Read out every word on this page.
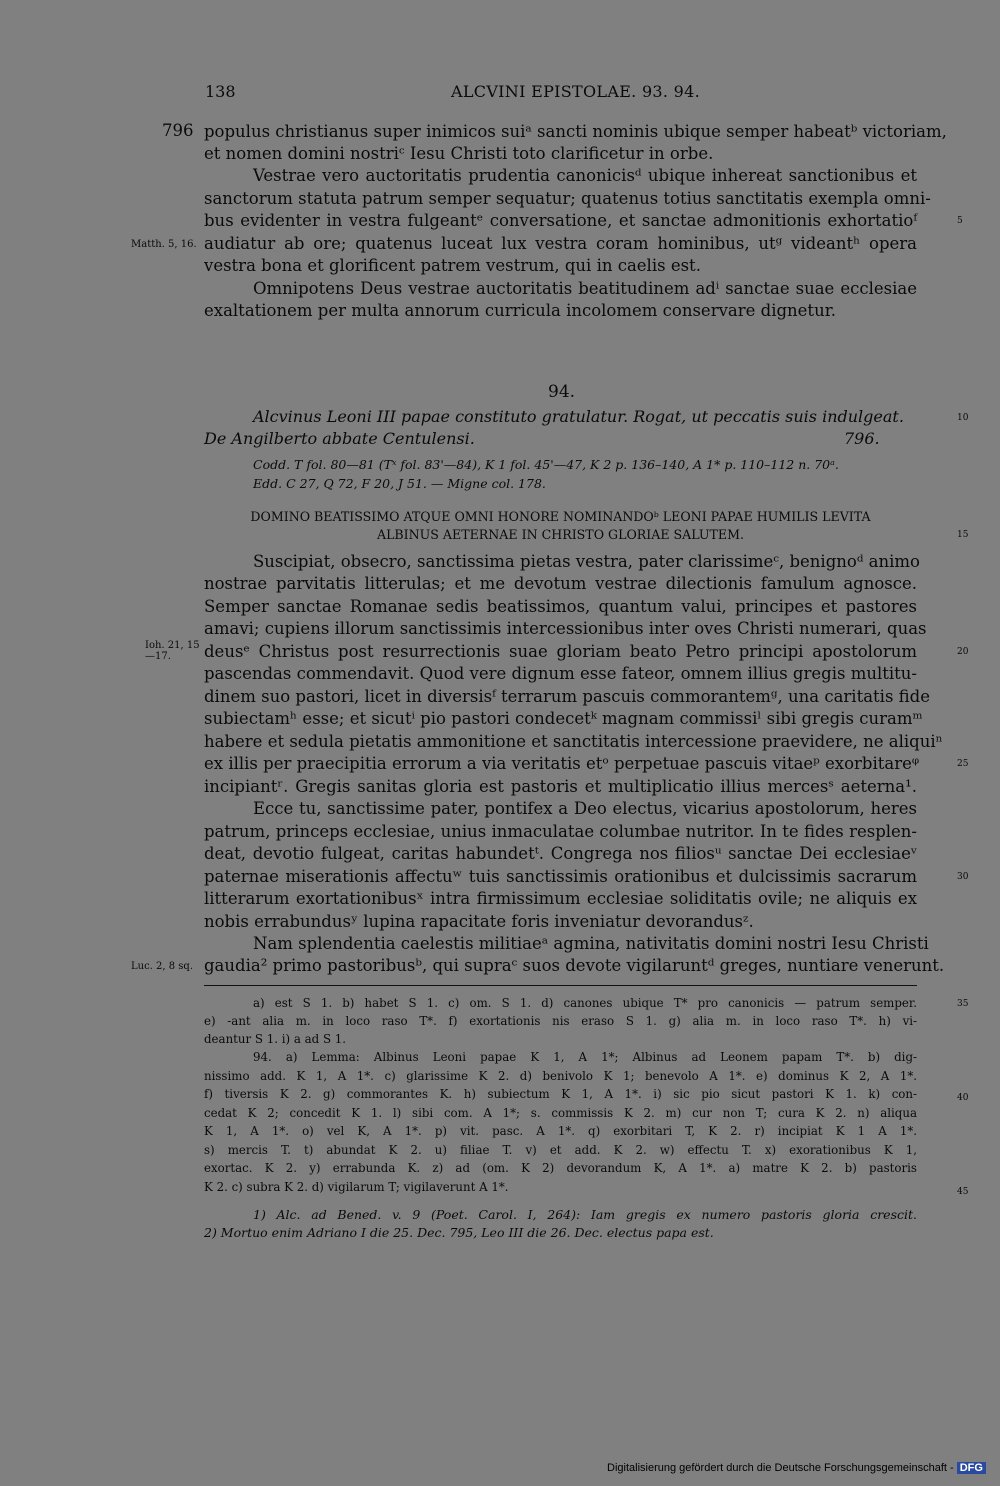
138	ALCVINI EPISTOLAE. 93. 94.
796 populus christianus super inimicos suiᵃ sancti nominis ubique semper habeatᵇ victoriam,
et nomen domini nostriᶜ Iesu Christi toto clarificetur in orbe.
Vestrae vero auctoritatis prudentia canonicisᵈ ubique inhereat sanctionibus et
sanctorum statuta patrum semper sequatur; quatenus totius sanctitatis exempla omni-
bus evidenter in vestra fulgeantᵉ conversatione, et sanctae admonitionis exhortatioᶠ
Matth. 5, 16. audiatur ab ore; quatenus luceat lux vestra coram hominibus, utᵍ videantʰ opera
vestra bona et glorificent patrem vestrum, qui in caelis est.
Omnipotens Deus vestrae auctoritatis beatitudinem adⁱ sanctae suae ecclesiae
exaltationem per multa annorum curricula incolomem conservare dignetur.
94.
Alcvinus Leoni III papae constituto gratulatur. Rogat, ut peccatis suis indulgeat.
De Angilberto abbate Centulensi.	796.
Codd. T fol. 80—81 (Tˣ fol. 83'—84), K 1 fol. 45'—47, K 2 p. 136–140, A 1* p. 110–112 n. 70ᵃ.
Edd. C 27, Q 72, F 20, J 51. — Migne col. 178.
DOMINO BEATISSIMO ATQUE OMNI HONORE NOMINANDOᵇ LEONI PAPAE HUMILIS LEVITA
ALBINUS AETERNAE IN CHRISTO GLORIAE SALUTEM.
Suscipiat, obsecro, sanctissima pietas vestra, pater clarissimeᶜ, benignoᵈ animo
nostrae parvitatis litterulas; et me devotum vestrae dilectionis famulum agnosce.
Semper sanctae Romanae sedis beatissimos, quantum valui, principes et pastores
amavi; cupiens illorum sanctissimis intercessionibus inter oves Christi numerari, quas
Ioh. 21, 15—17.	deusᵉ Christus post resurrectionis suae gloriam beato Petro principi apostolorum
pascendas commendavit. Quod vere dignum esse fateor, omnem illius gregis multitu-
dinem suo pastori, licet in diversisᶠ terrarum pascuis commorantemᵍ, una caritatis fide
subiectamʰ esse; et sicutⁱ pio pastori condecetᵏ magnam commissiˡ sibi gregis curamᵐ
habere et sedula pietatis ammonitione et sanctitatis intercessione praevidere, ne aliquiⁿ
ex illis per praecipitia errorum a via veritatis etᵒ perpetuae pascuis vitaeᵖ exorbitareᵠ
incipiantʳ. Gregis sanitas gloria est pastoris et multiplicatio illius mercesˢ aeterna¹.
Ecce tu, sanctissime pater, pontifex a Deo electus, vicarius apostolorum, heres
patrum, princeps ecclesiae, unius inmaculatae columbae nutritor. In te fides resplen-
deat, devotio fulgeat, caritas habundetᵗ. Congrega nos filiosᵘ sanctae Dei ecclesiaeᵛ
paternae miserationis affectuʷ tuis sanctissimis orationibus et dulcissimis sacrarum
litterarum exortationibusˣ intra firmissimum ecclesiae soliditatis ovile; ne aliquis ex
nobis errabundusʸ lupina rapacitate foris inveniatur devorandusᶻ.
Nam splendentia caelestis militiaeᵃ agmina, nativitatis domini nostri Iesu Christi
Luc. 2, 8 sq. gaudia² primo pastoribusᵇ, qui supraᶜ suos devote vigilaruntᵈ greges, nuntiare venerunt.
5
10
15
20
25
30
35
40
45
a) est S 1. b) habet S 1. c) om. S 1. d) canones ubique T* pro canonicis — patrum semper.
e) -ant alia m. in loco raso T*. f) exortationis nis eraso S 1. g) alia m. in loco raso T*. h) vi-
deantur S 1. i) a ad S 1.
94. a) Lemma: Albinus Leoni papae K 1, A 1*; Albinus ad Leonem papam T*. b) dig-
nissimo add. K 1, A 1*. c) glarissime K 2. d) benivolo K 1; benevolo A 1*. e) dominus K 2, A 1*.
f) tiversis K 2. g) commorantes K. h) subiectum K 1, A 1*. i) sic pio sicut pastori K 1. k) con-
cedat K 2; concedit K 1. l) sibi com. A 1*; s. commissis K 2. m) cur non T; cura K 2. n) aliqua
K 1, A 1*. o) vel K, A 1*. p) vit. pasc. A 1*. q) exorbitari T, K 2. r) incipiat K 1 A 1*.
s) mercis T. t) abundat K 2. u) filiae T. v) et add. K 2. w) effectu T. x) exorationibus K 1,
exortac. K 2. y) errabunda K. z) ad (om. K 2) devorandum K, A 1*. a) matre K 2. b) pastoris
K 2. c) subra K 2. d) vigilarum T; vigilaverunt A 1*.
1) Alc. ad Bened. v. 9 (Poet. Carol. I, 264): Iam gregis ex numero pastoris gloria crescit.
2) Mortuo enim Adriano I die 25. Dec. 795, Leo III die 26. Dec. electus papa est.
Digitalisierung gefördert durch die Deutsche Forschungsgemeinschaft - DFG
